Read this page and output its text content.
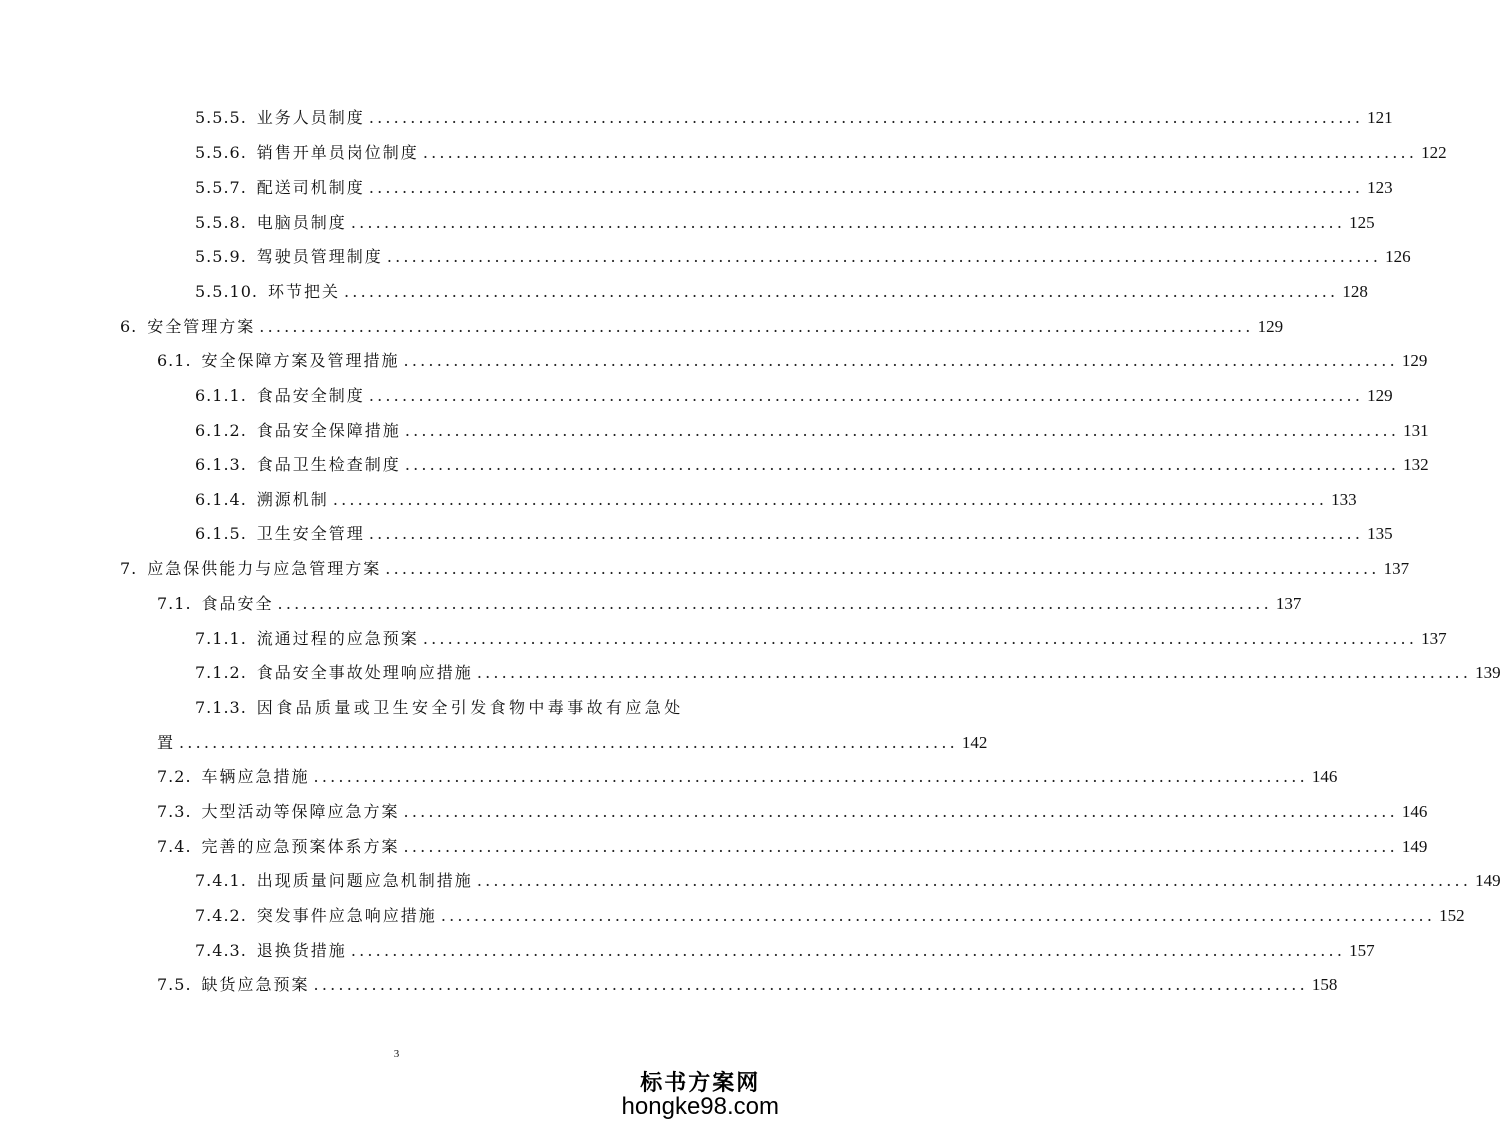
5.5.5. 业务人员制度 ........................................................................................................................ 121
5.5.6. 销售开单员岗位制度 ........................................................................................................................ 122
5.5.7. 配送司机制度 ........................................................................................................................ 123
5.5.8. 电脑员制度 ........................................................................................................................ 125
5.5.9. 驾驶员管理制度 ........................................................................................................................ 126
5.5.10. 环节把关 ........................................................................................................................ 128
6. 安全管理方案 ........................................................................................................................ 129
6.1. 安全保障方案及管理措施 ........................................................................................................................ 129
6.1.1. 食品安全制度 ........................................................................................................................ 129
6.1.2. 食品安全保障措施 ........................................................................................................................ 131
6.1.3. 食品卫生检查制度 ........................................................................................................................ 132
6.1.4. 溯源机制 ........................................................................................................................ 133
6.1.5. 卫生安全管理 ........................................................................................................................ 135
7. 应急保供能力与应急管理方案 ........................................................................................................................ 137
7.1. 食品安全 ........................................................................................................................ 137
7.1.1. 流通过程的应急预案 ........................................................................................................................ 137
7.1.2. 食品安全事故处理响应措施 ........................................................................................................................ 139
7.2. 车辆应急措施 ........................................................................................................................ 146
7.3. 大型活动等保障应急方案 ........................................................................................................................ 146
7.4. 完善的应急预案体系方案 ........................................................................................................................ 149
7.4.1. 出现质量问题应急机制措施 ........................................................................................................................ 149
7.4.2. 突发事件应急响应措施 ........................................................................................................................ 152
7.4.3. 退换货措施 ........................................................................................................................ 157
7.5. 缺货应急预案 ........................................................................................................................ 158
7.1.3. 因食品质量或卫生安全引发食物中毒事故有应急处
置 .............................................................................................. 142
3
标书方案网
hongke98.com
